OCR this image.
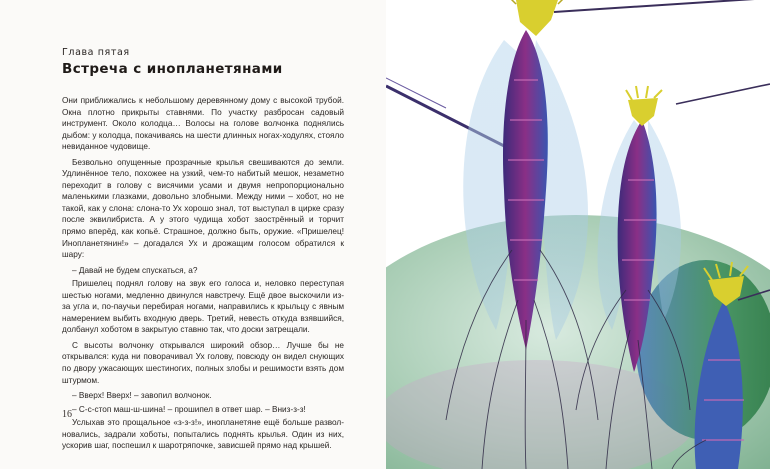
Глава пятая
Встреча с инопланетянами

Они приближались к небольшому деревянному дому с высокой трубой. Окна плотно прикрыты ставнями. По участку разбросан садовый инструмент. Около колодца… Волосы на голове волчонка поднялись дыбом: у колодца, покачиваясь на шести длинных ногах-ходулях, стояло невиданное чудовище.

Безвольно опущенные прозрачные крылья свешиваются до земли. Удлинённое тело, похожее на узкий, чем-то набитый мешок, незаметно переходит в голову с висячими усами и двумя непропорционально маленькими глазками, довольно злобными. Между ними – хобот, но не такой, как у слона: слона-то Ух хорошо знал, тот выступал в цирке сразу после эквилибриста. А у этого чудища хобот заострённый и торчит прямо вперёд, как копьё. Страшное, должно быть, оружие. «Пришелец! Инопланетянин!» – догадался Ух и дрожащим голосом обратился к шару:

– Давай не будем спускаться, а?

Пришелец поднял голову на звук его голоса и, неловко переступая шестью ногами, медленно двинулся навстречу. Ещё двое выскочили из-за угла и, по-паучьи перебирая ногами, направились к крыльцу с явным намерением выбить входную дверь. Третий, невесть откуда взявшийся, долбанул хоботом в закрытую ставню так, что доски затрещали.

С высоты волчонку открывался широкий обзор… Лучше бы не открывался: куда ни поворачивал Ух голову, повсюду он видел снующих по двору ужасающих шестиногих, полных злобы и решимости взять дом штурмом.

– Вверх! Вверх! – завопил волчонок.

– С-с-стоп маш-ш-шина! – прошипел в ответ шар. – Вниз-з-з!

Услыхав это прощальное «з-з-з!», инопланетяне ещё больше разволновались, задрали хоботы, попытались поднять крылья. Один из них, ускорив шаг, поспешил к шаротряпочке, зависшей прямо над крышей.

16
